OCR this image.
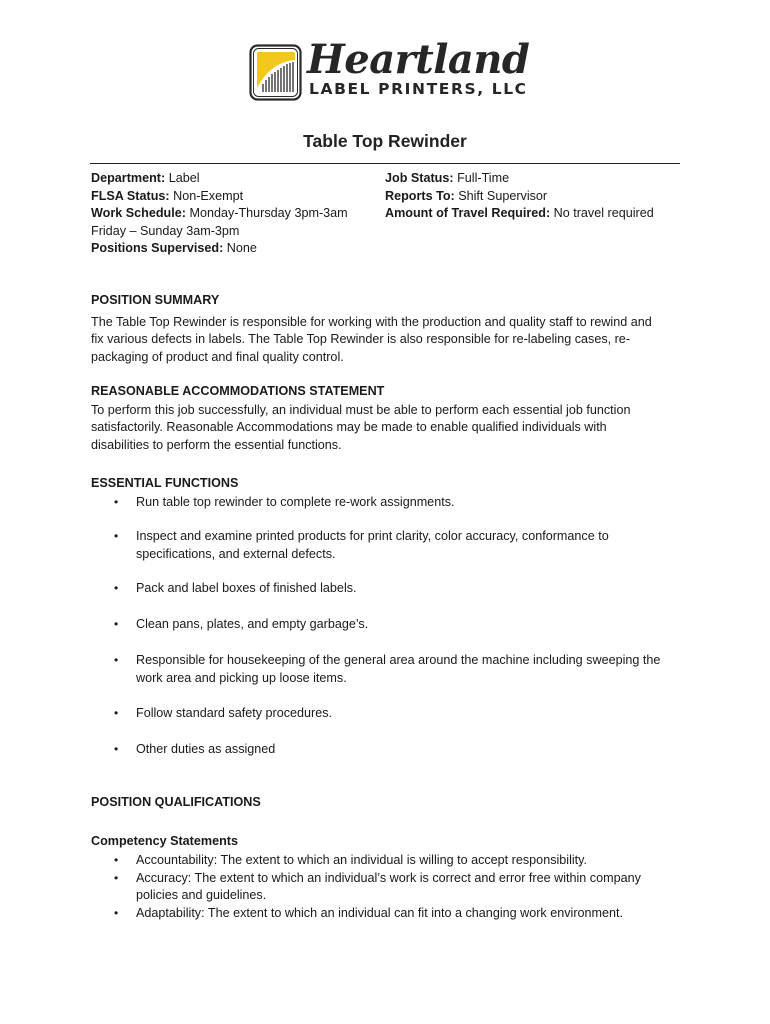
Heartland
LABEL PRINTERS, LLC
Table Top Rewinder
Department: Label
FLSA Status: Non-Exempt
Work Schedule: Monday-Thursday 3pm-3am
Friday – Sunday 3am-3pm
Positions Supervised: None
Job Status: Full-Time
Reports To: Shift Supervisor
Amount of Travel Required: No travel required
POSITION SUMMARY
The Table Top Rewinder is responsible for working with the production and quality staff to rewind and
fix various defects in labels. The Table Top Rewinder is also responsible for re-labeling cases, re-
packaging of product and final quality control.
REASONABLE ACCOMMODATIONS STATEMENT
To perform this job successfully, an individual must be able to perform each essential job function
satisfactorily. Reasonable Accommodations may be made to enable qualified individuals with
disabilities to perform the essential functions.
ESSENTIAL FUNCTIONS
• Run table top rewinder to complete re-work assignments.
• Inspect and examine printed products for print clarity, color accuracy, conformance to
specifications, and external defects.
• Pack and label boxes of finished labels.
• Clean pans, plates, and empty garbage’s.
• Responsible for housekeeping of the general area around the machine including sweeping the
work area and picking up loose items.
• Follow standard safety procedures.
• Other duties as assigned
POSITION QUALIFICATIONS
Competency Statements
• Accountability: The extent to which an individual is willing to accept responsibility.
• Accuracy: The extent to which an individual’s work is correct and error free within company
policies and guidelines.
• Adaptability: The extent to which an individual can fit into a changing work environment.
